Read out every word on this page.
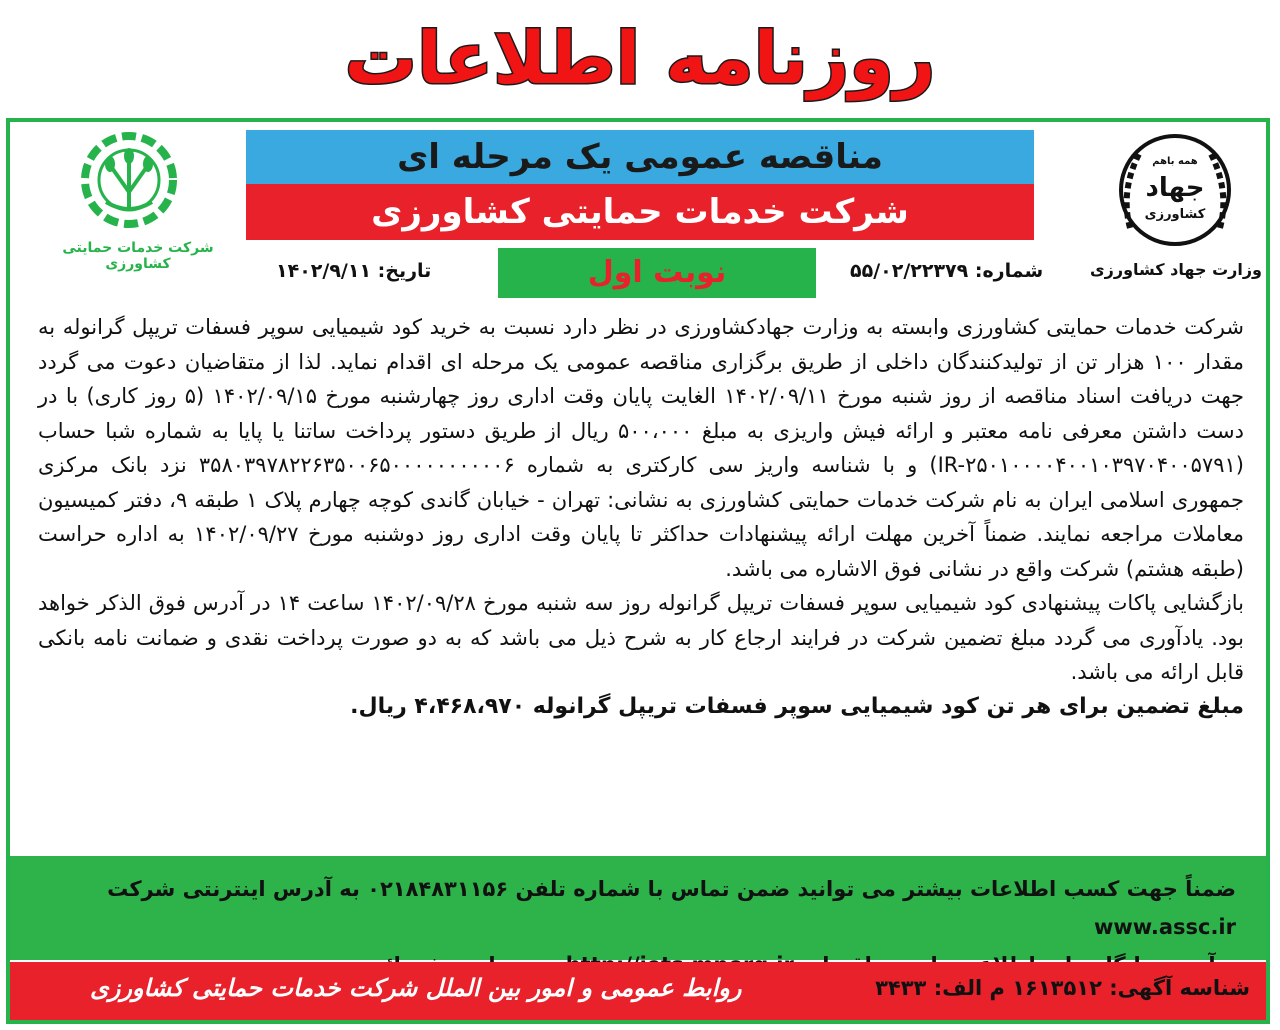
روزنامه اطلاعات
شرکت خدمات حمایتی کشاورزی
مناقصه عمومی یک مرحله ای
شرکت خدمات حمایتی کشاورزی
همه باهم
جهاد
کشاورزی
وزارت جهاد کشاورزی
شماره: ۵۵/۰۲/۲۲۳۷۹
نوبت اول
تاریخ: ۱۴۰۲/۹/۱۱

شرکت خدمات حمایتی کشاورزی وابسته به وزارت جهادکشاورزی در نظر دارد نسبت به خرید کود شیمیایی سوپر فسفات تریپل گرانوله به مقدار ۱۰۰ هزار تن از تولیدکنندگان داخلی از طریق برگزاری مناقصه عمومی یک مرحله ای اقدام نماید. لذا از متقاضیان دعوت می گردد جهت دریافت اسناد مناقصه از روز شنبه مورخ ۱۴۰۲/۰۹/۱۱ الغایت پایان وقت اداری روز چهارشنبه مورخ ۱۴۰۲/۰۹/۱۵ (۵ روز کاری) با در دست داشتن معرفی نامه معتبر و ارائه فیش واریزی به مبلغ ۵۰۰،۰۰۰ ریال از طریق دستور پرداخت ساتنا یا پایا به شماره شبا حساب (IR-۲۵۰۱۰۰۰۰۴۰۰۱۰۳۹۷۰۴۰۰۵۷۹۱) و با شناسه واریز سی کارکتری به شماره ۳۵۸۰۳۹۷۸۲۲۶۳۵۰۰۶۵۰۰۰۰۰۰۰۰۰۰۶ نزد بانک مرکزی جمهوری اسلامی ایران به نام شرکت خدمات حمایتی کشاورزی به نشانی: تهران - خیابان گاندی کوچه چهارم پلاک ۱ طبقه ۹، دفتر کمیسیون معاملات مراجعه نمایند. ضمناً آخرین مهلت ارائه پیشنهادات حداکثر تا پایان وقت اداری روز دوشنبه مورخ ۱۴۰۲/۰۹/۲۷ به اداره حراست (طبقه هشتم) شرکت واقع در نشانی فوق الاشاره می باشد.

بازگشایی پاکات پیشنهادی کود شیمیایی سوپر فسفات تریپل گرانوله روز سه شنبه مورخ ۱۴۰۲/۰۹/۲۸ ساعت ۱۴ در آدرس فوق الذکر خواهد بود. یادآوری می گردد مبلغ تضمین شرکت در فرایند ارجاع کار به شرح ذیل می باشد که به دو صورت پرداخت نقدی و ضمانت نامه بانکی قابل ارائه می باشد.

مبلغ تضمین برای هر تن کود شیمیایی سوپر فسفات تریپل گرانوله ۴،۴۶۸،۹۷۰ ریال.

ضمناً جهت کسب اطلاعات بیشتر می توانید ضمن تماس با شماره تلفن ۰۲۱۸۴۸۳۱۱۵۶ به آدرس اینترنتی شرکت www.assc.ir
شناسه آگهی: ۱۶۱۳۵۱۲ م الف: ۳۴۳۳
روابط عمومی و امور بین الملل شرکت خدمات حمایتی کشاورزی
